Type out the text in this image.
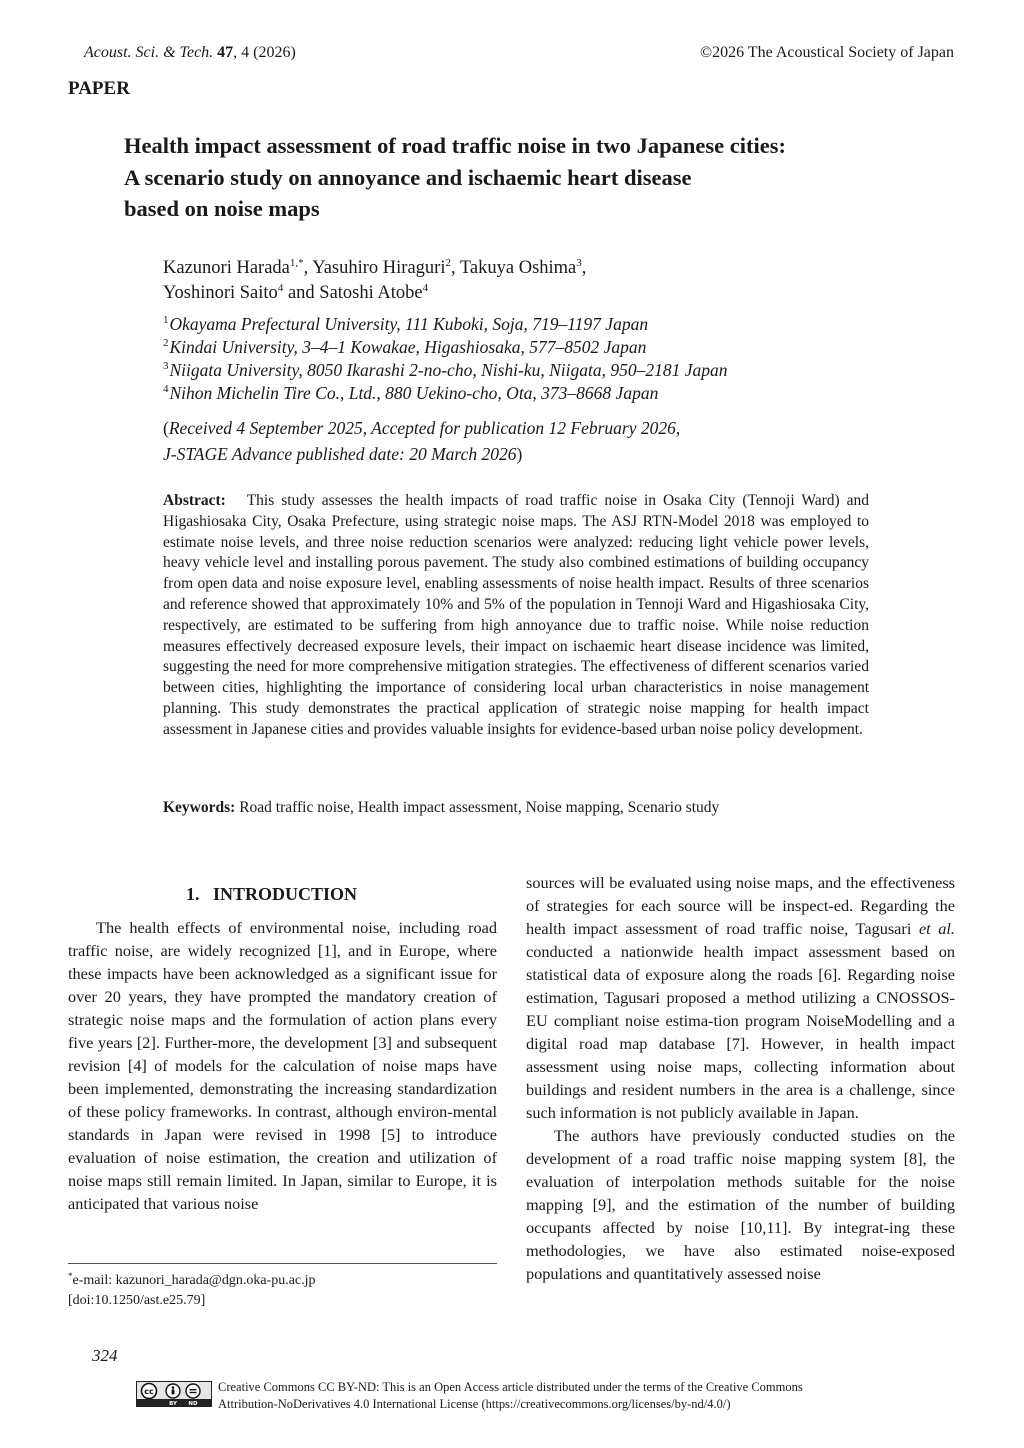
Acoust. Sci. & Tech. 47, 4 (2026)	©2026 The Acoustical Society of Japan
PAPER
Health impact assessment of road traffic noise in two Japanese cities:
A scenario study on annoyance and ischaemic heart disease
based on noise maps
Kazunori Harada$^{1,*}$, Yasuhiro Hiraguri$^2$, Takuya Oshima$^3$,
Yoshinori Saito$^4$ and Satoshi Atobe$^4$
$^1$Okayama Prefectural University, 111 Kuboki, Soja, 719–1197 Japan
$^2$Kindai University, 3–4–1 Kowakae, Higashiosaka, 577–8502 Japan
$^3$Niigata University, 8050 Ikarashi 2-no-cho, Nishi-ku, Niigata, 950–2181 Japan
$^4$Nihon Michelin Tire Co., Ltd., 880 Uekino-cho, Ota, 373–8668 Japan
(Received 4 September 2025, Accepted for publication 12 February 2026,
J-STAGE Advance published date: 20 March 2026)
Abstract: This study assesses the health impacts of road traffic noise in Osaka City (Tennoji Ward) and Higashiosaka City, Osaka Prefecture, using strategic noise maps. The ASJ RTN-Model 2018 was employed to estimate noise levels, and three noise reduction scenarios were analyzed: reducing light vehicle power levels, heavy vehicle level and installing porous pavement. The study also combined estimations of building occupancy from open data and noise exposure level, enabling assessments of noise health impact. Results of three scenarios and reference showed that approximately 10% and 5% of the population in Tennoji Ward and Higashiosaka City, respectively, are estimated to be suffering from high annoyance due to traffic noise. While noise reduction measures effectively decreased exposure levels, their impact on ischaemic heart disease incidence was limited, suggesting the need for more comprehensive mitigation strategies. The effectiveness of different scenarios varied between cities, highlighting the importance of considering local urban characteristics in noise management planning. This study demonstrates the practical application of strategic noise mapping for health impact assessment in Japanese cities and provides valuable insights for evidence-based urban noise policy development.
Keywords: Road traffic noise, Health impact assessment, Noise mapping, Scenario study
1.   INTRODUCTION

The health effects of environmental noise, including road traffic noise, are widely recognized [1], and in Europe, where these impacts have been acknowledged as a significant issue for over 20 years, they have prompted the mandatory creation of strategic noise maps and the formulation of action plans every five years [2]. Further-more, the development [3] and subsequent revision [4] of models for the calculation of noise maps have been implemented, demonstrating the increasing standardization of these policy frameworks. In contrast, although environ-mental standards in Japan were revised in 1998 [5] to introduce evaluation of noise estimation, the creation and utilization of noise maps still remain limited. In Japan, similar to Europe, it is anticipated that various noise

sources will be evaluated using noise maps, and the effectiveness of strategies for each source will be inspect-ed. Regarding the health impact assessment of road traffic noise, Tagusari et al. conducted a nationwide health impact assessment based on statistical data of exposure along the roads [6]. Regarding noise estimation, Tagusari proposed a method utilizing a CNOSSOS-EU compliant noise estima-tion program NoiseModelling and a digital road map database [7]. However, in health impact assessment using noise maps, collecting information about buildings and resident numbers in the area is a challenge, since such information is not publicly available in Japan.

The authors have previously conducted studies on the development of a road traffic noise mapping system [8], the evaluation of interpolation methods suitable for the noise mapping [9], and the estimation of the number of building occupants affected by noise [10,11]. By integrat-ing these methodologies, we have also estimated noise-exposed populations and quantitatively assessed noise

*e-mail: kazunori_harada@dgn.oka-pu.ac.jp
[doi:10.1250/ast.e25.79]
324
cc
BY ND
Creative Commons CC BY-ND: This is an Open Access article distributed under the terms of the Creative Commons
Attribution-NoDerivatives 4.0 International License (https://creativecommons.org/licenses/by-nd/4.0/)
